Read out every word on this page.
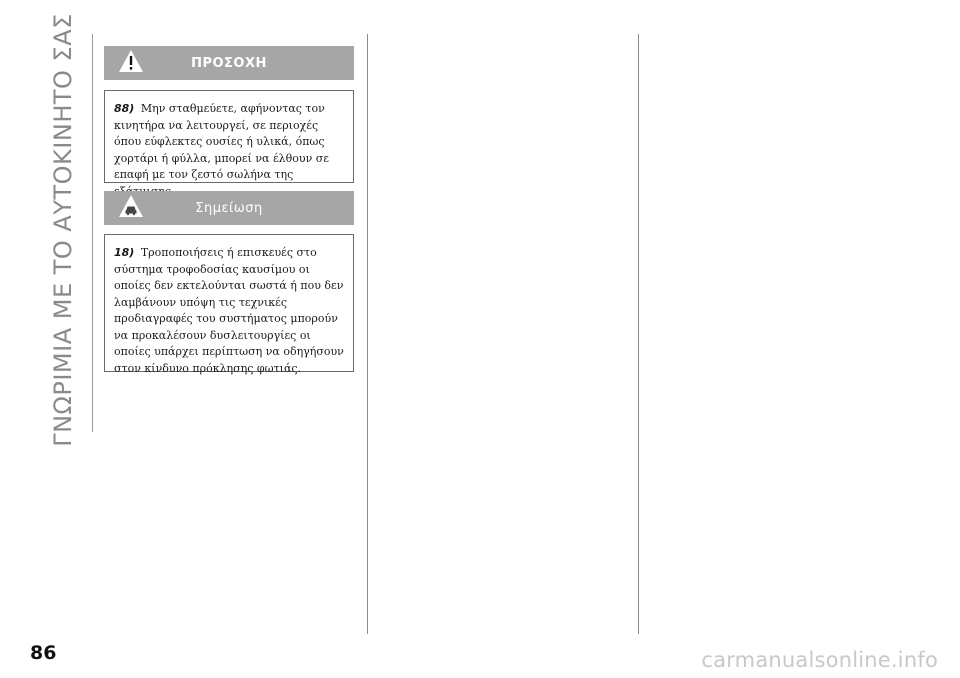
ΓΝΩΡΙΜΙΑ ΜΕ ΤΟ ΑΥΤΟΚΙΝΗΤΟ ΣΑΣ	ΠΡΟΣΟΧΗ
88) Μην σταθμεύετε, αφήνοντας τον κινητήρα να λειτουργεί, σε περιοχές όπου εύφλεκτες ουσίες ή υλικά, όπως χορτάρι ή φύλλα, μπορεί να έλθουν σε επαφή με τον ζεστό σωλήνα της
Σημείωση
18) Τροποποιήσεις ή επισκευές στο σύστημα τροφοδοσίας καυσίμου οι οποίες δεν εκτελούνται σωστά ή που δεν λαμβάνουν υπόψη τις τεχνικές προδιαγραφές του συστήματος μπορούν να προκαλέσουν δυσλειτουργίες οι οποίες υπάρχει περίπτωση να οδηγήσουν στον κίνδυνο πρόκλησης φωτιάς.
86	carmanualsonline.info
